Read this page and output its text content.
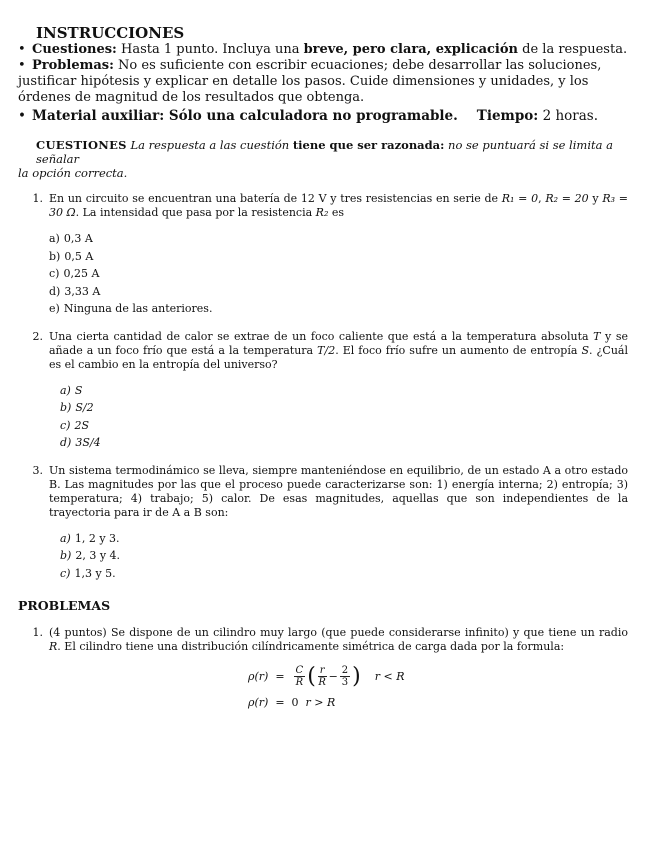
INSTRUCCIONES

• Cuestiones: Hasta 1 punto. Incluya una breve, pero clara, explicación de la respuesta.

• Problemas: No es suficiente con escribir ecuaciones; debe desarrollar las soluciones, justificar hipótesis y explicar en detalle los pasos. Cuide dimensiones y unidades, y los órdenes de magnitud de los resultados que obtenga.

• Material auxiliar: Sólo una calculadora no programable. Tiempo: 2 horas.
CUESTIONES La respuesta a las cuestión tiene que ser razonada: no se puntuará si se limita a señalar
la opción correcta.
1. En un circuito se encuentran una batería de 12 V y tres resistencias en serie de R₁ = 0, R₂ = 20 y R₃ = 30 Ω. La intensidad que pasa por la resistencia R₂ es
a) 0,3 A
b) 0,5 A
c) 0,25 A
d) 3,33 A
e) Ninguna de las anteriores.
2. Una cierta cantidad de calor se extrae de un foco caliente que está a la temperatura absoluta T y se añade a un foco frío que está a la temperatura T/2. El foco frío sufre un aumento de entropía S. ¿Cuál es el cambio en la entropía del universo?
a) S
b) S/2
c) 2S
d) 3S/4
3. Un sistema termodinámico se lleva, siempre manteniéndose en equilibrio, de un estado A a otro estado B. Las magnitudes por las que el proceso puede caracterizarse son: 1) energía interna; 2) entropía; 3) temperatura; 4) trabajo; 5) calor. De esas magnitudes, aquellas que son independientes de la trayectoria para ir de A a B son:
a) 1, 2 y 3.
b) 2, 3 y 4.
c) 1,3 y 5.
PROBLEMAS
1. (4 puntos) Se dispone de un cilindro muy largo (que puede considerarse infinito) y que tiene un radio R. El cilindro tiene una distribución cilíndricamente simétrica de carga dada por la formula:
ρ(r)
=
$\frac{C}{R}$ ( $\frac{r}{R} - \frac{2}{3}$ )
r < R
ρ(r)
=
0
r > R
